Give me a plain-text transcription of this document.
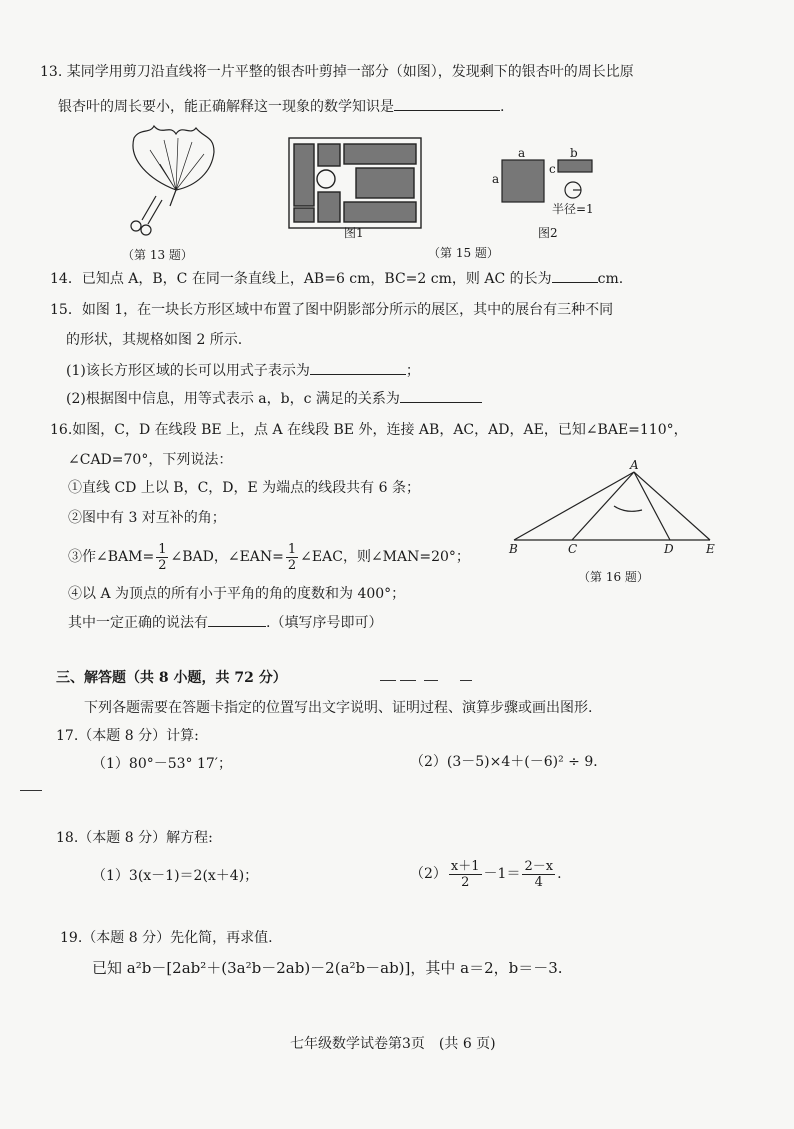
13. 某同学用剪刀沿直线将一片平整的银杏叶剪掉一部分（如图），发现剩下的银杏叶的周长比原
银杏叶的周长要小，能正确解释这一现象的数学知识是	.
a
a
c
b
半径=1
（第 13 题）
图1
（第 15 题）
图2
14．已知点 A，B，C 在同一条直线上，AB=6 cm，BC=2 cm，则 AC 的长为	cm.
15．如图 1，在一块长方形区域中布置了图中阴影部分所示的展区，其中的展台有三种不同
的形状，其规格如图 2 所示.
(1)该长方形区域的长可以用式子表示为	；
(2)根据图中信息，用等式表示 a，b，c 满足的关系为
16.如图，C，D 在线段 BE 上，点 A 在线段 BE 外，连接 AB，AC，AD，AE，已知∠BAE=110°，
∠CAD=70°，下列说法：
①直线 CD 上以 B，C，D，E 为端点的线段共有 6 条；
②图中有 3 对互补的角；
③作∠BAM= $\frac{1}{2}$ ∠BAD，∠EAN= $\frac{1}{2}$ ∠EAC，则∠MAN=20°；
④以 A 为顶点的所有小于平角的角的度数和为 400°；
其中一定正确的说法有	.（填写序号即可）
A
B	C	D	E
（第 16 题）
三、解答题（共 8 小题，共 72 分）
下列各题需要在答题卡指定的位置写出文字说明、证明过程、演算步骤或画出图形.
17.（本题 8 分）计算:
（1）80°－53° 17′；	（2）(3－5)×4＋(－6)² ÷ 9．
18.（本题 8 分）解方程:
（1）3(x－1)＝2(x＋4)；	$(2) \frac{x+1}{2} -1= \frac{2-x}{4}$ .
19.（本题 8 分）先化简，再求值.
已知 a²b－[2ab²＋(3a²b－2ab)－2(a²b－ab)]，其中 a＝2，b＝－3.
七年级数学试卷第3页　(共 6 页)
